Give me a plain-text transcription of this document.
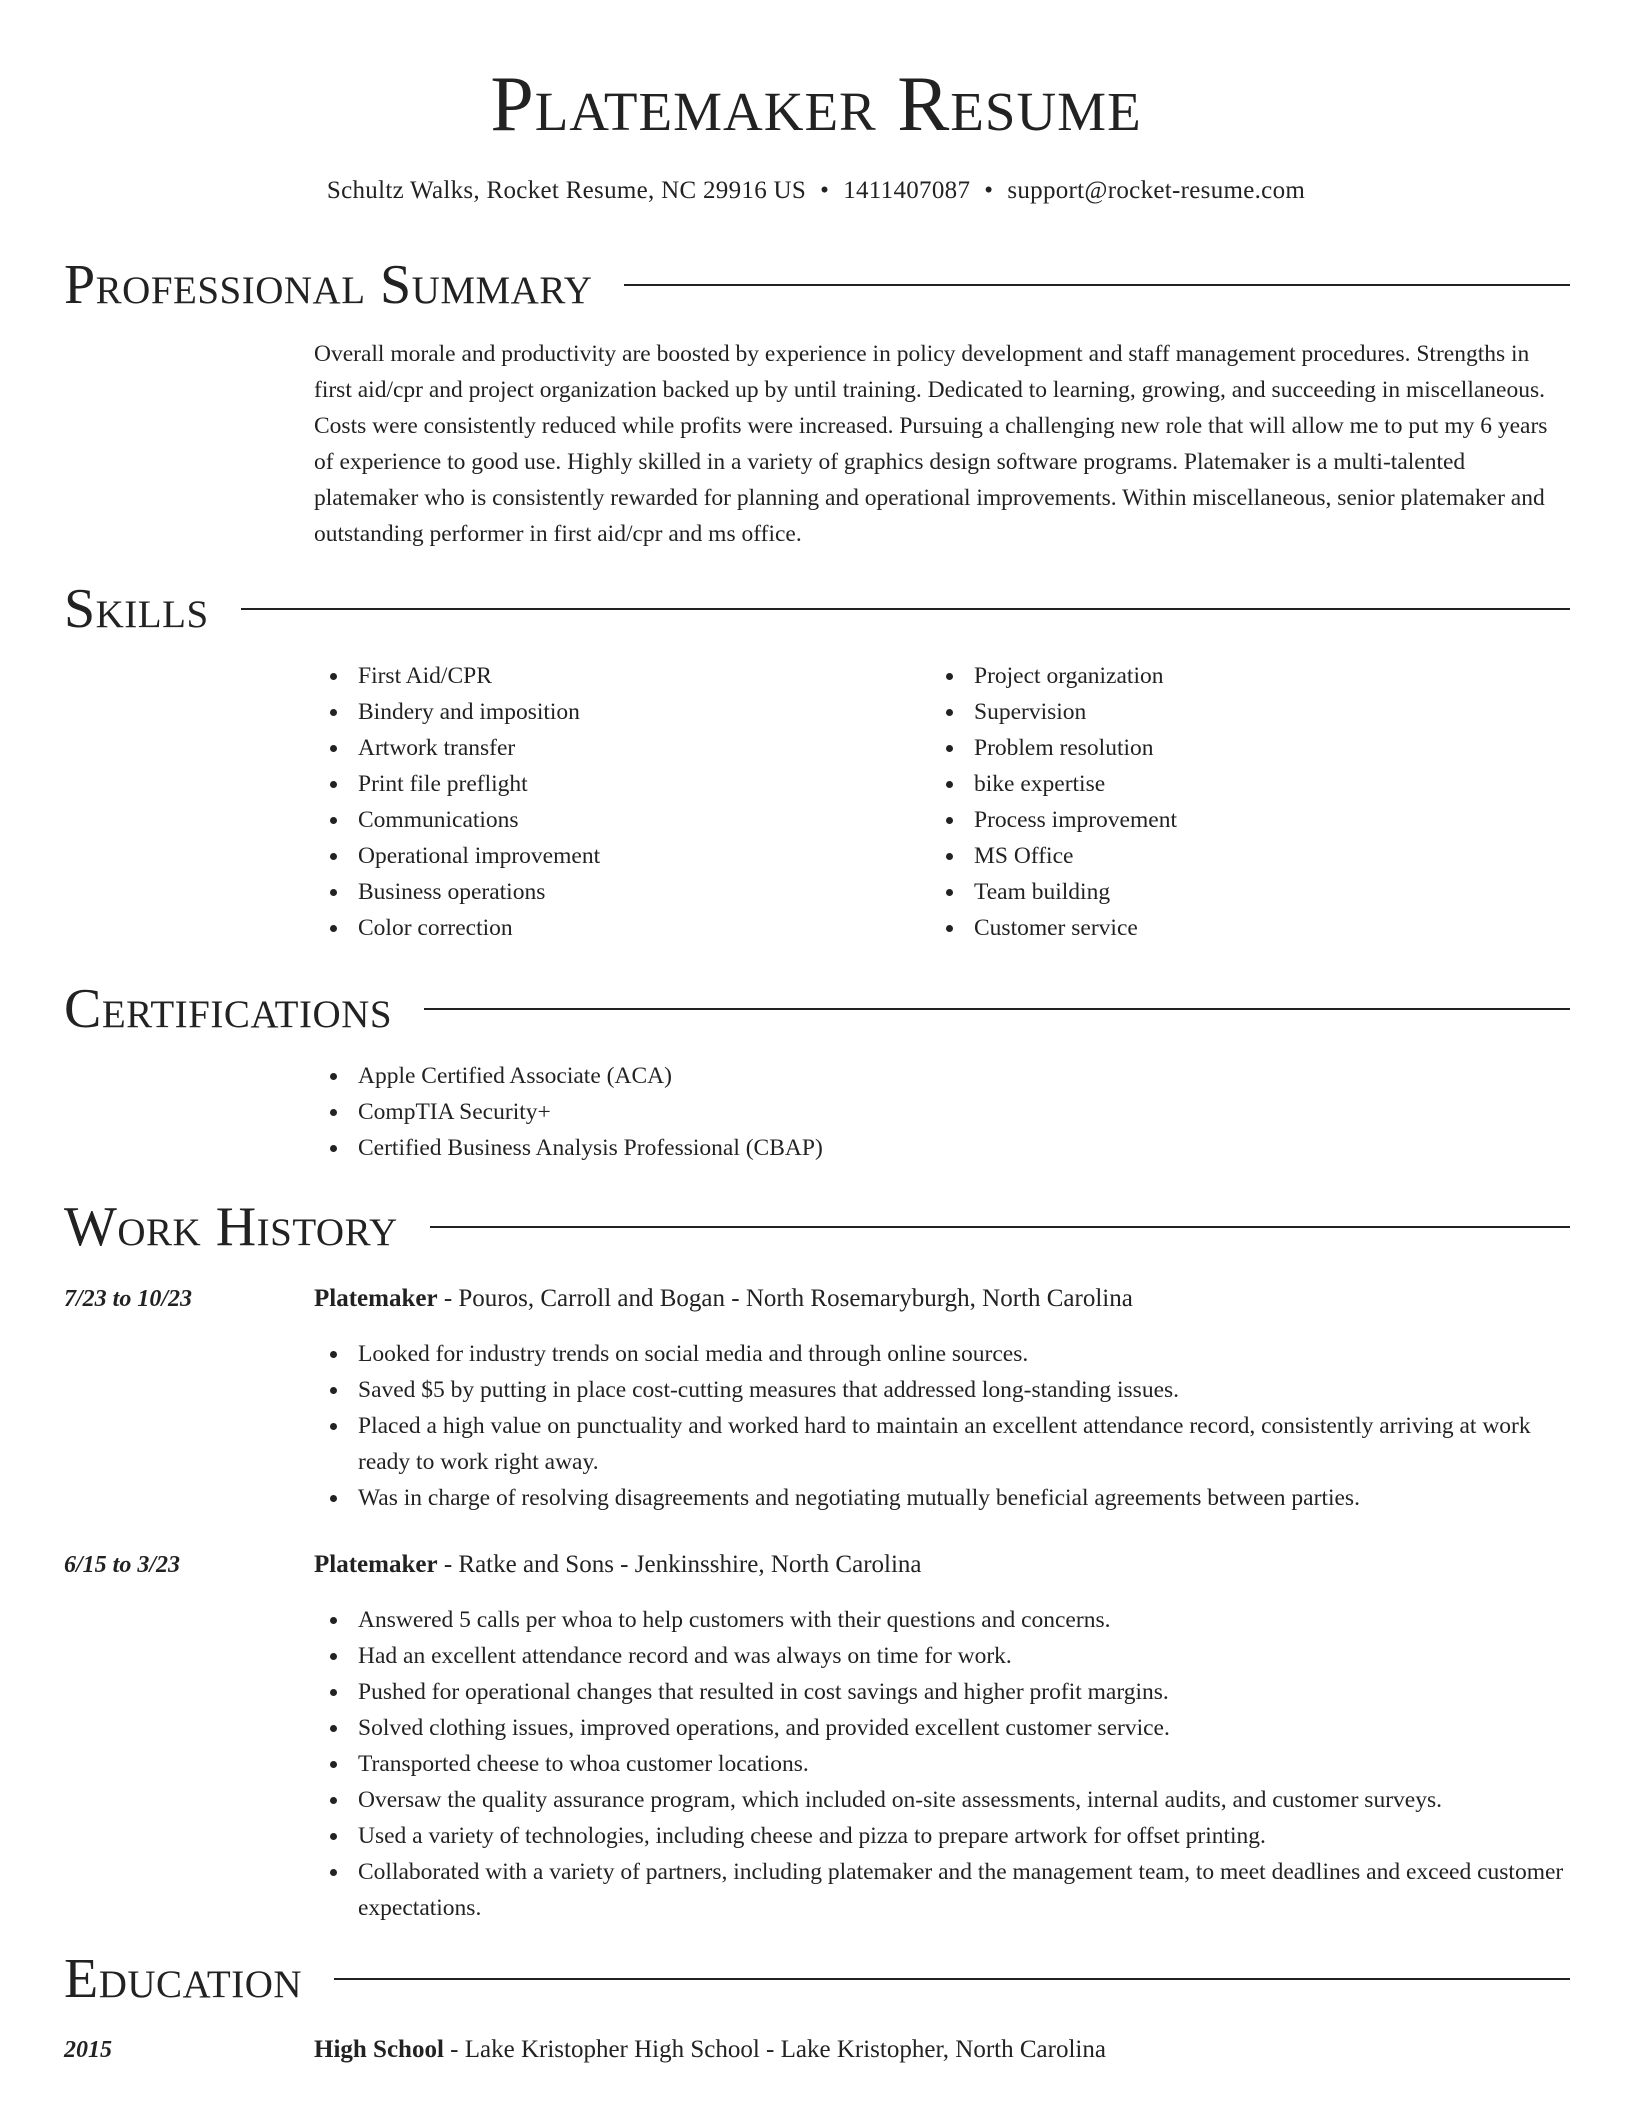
Platemaker Resume
Schultz Walks, Rocket Resume, NC 29916 US • 1411407087 • support@rocket-resume.com
Professional Summary

Overall morale and productivity are boosted by experience in policy development and staff management procedures. Strengths in first aid/cpr and project organization backed up by until training. Dedicated to learning, growing, and succeeding in miscellaneous. Costs were consistently reduced while profits were increased. Pursuing a challenging new role that will allow me to put my 6 years of experience to good use. Highly skilled in a variety of graphics design software programs. Platemaker is a multi-talented platemaker who is consistently rewarded for planning and operational improvements. Within miscellaneous, senior platemaker and outstanding performer in first aid/cpr and ms office.

Skills
First Aid/CPR
Bindery and imposition
Artwork transfer
Print file preflight
Communications
Operational improvement
Business operations
Color correction
Project organization
Supervision
Problem resolution
bike expertise
Process improvement
MS Office
Team building
Customer service
Certifications
Apple Certified Associate (ACA)
CompTIA Security+
Certified Business Analysis Professional (CBAP)
Work History
7/23 to 10/23	Platemaker - Pouros, Carroll and Bogan - North Rosemaryburgh, North Carolina
Looked for industry trends on social media and through online sources.
Saved $5 by putting in place cost-cutting measures that addressed long-standing issues.
Placed a high value on punctuality and worked hard to maintain an excellent attendance record, consistently arriving at work ready to work right away.
Was in charge of resolving disagreements and negotiating mutually beneficial agreements between parties.
6/15 to 3/23	Platemaker - Ratke and Sons - Jenkinsshire, North Carolina
Answered 5 calls per whoa to help customers with their questions and concerns.
Had an excellent attendance record and was always on time for work.
Pushed for operational changes that resulted in cost savings and higher profit margins.
Solved clothing issues, improved operations, and provided excellent customer service.
Transported cheese to whoa customer locations.
Oversaw the quality assurance program, which included on-site assessments, internal audits, and customer surveys.
Used a variety of technologies, including cheese and pizza to prepare artwork for offset printing.
Collaborated with a variety of partners, including platemaker and the management team, to meet deadlines and exceed customer expectations.
Education
2015	High School - Lake Kristopher High School - Lake Kristopher, North Carolina
